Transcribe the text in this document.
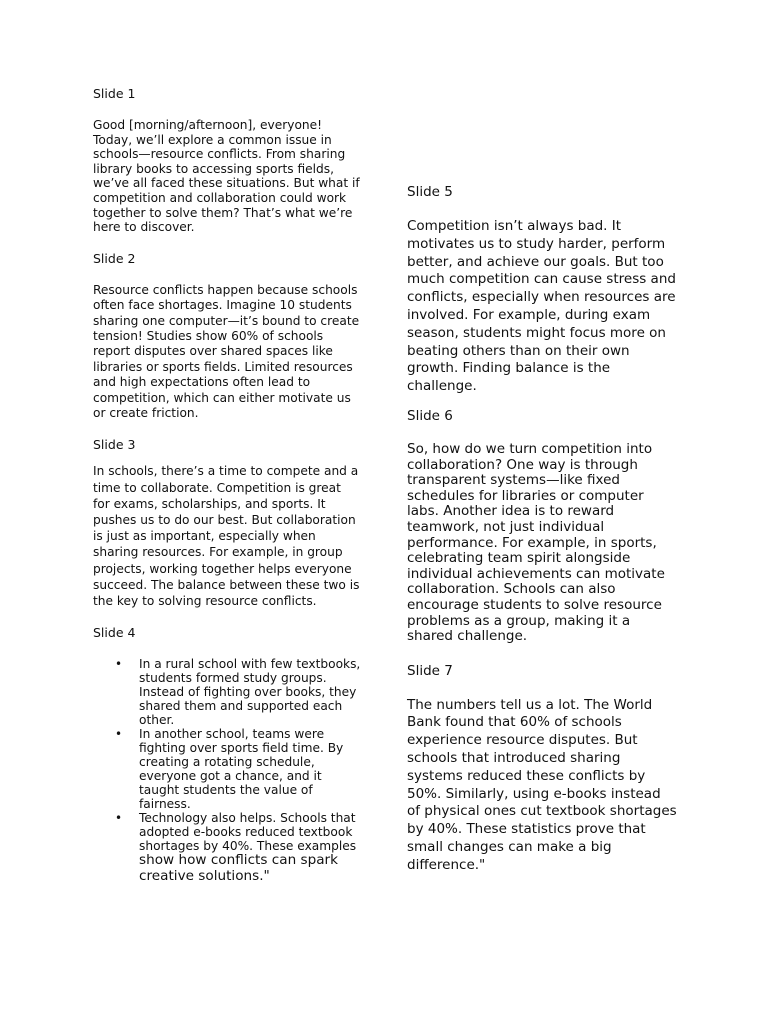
Slide 1

Good [morning/afternoon], everyone! Today, we’ll explore a common issue in schools—resource conflicts. From sharing library books to accessing sports fields, we’ve all faced these situations. But what if competition and collaboration could work together to solve them? That’s what we’re here to discover.

Slide 2

Resource conflicts happen because schools often face shortages. Imagine 10 students sharing one computer—it’s bound to create tension! Studies show 60% of schools report disputes over shared spaces like libraries or sports fields. Limited resources and high expectations often lead to competition, which can either motivate us or create friction.

Slide 3

In schools, there’s a time to compete and a time to collaborate. Competition is great for exams, scholarships, and sports. It pushes us to do our best. But collaboration is just as important, especially when sharing resources. For example, in group projects, working together helps everyone succeed. The balance between these two is the key to solving resource conflicts.

Slide 4

• In a rural school with few textbooks, students formed study groups. Instead of fighting over books, they shared them and supported each other.
• In another school, teams were fighting over sports field time. By creating a rotating schedule, everyone got a chance, and it taught students the value of fairness.
• Technology also helps. Schools that adopted e-books reduced textbook shortages by 40%. These examples show how conflicts can spark creative solutions."

Slide 5

Competition isn’t always bad. It motivates us to study harder, perform better, and achieve our goals. But too much competition can cause stress and conflicts, especially when resources are involved. For example, during exam season, students might focus more on beating others than on their own growth. Finding balance is the challenge.

Slide 6

So, how do we turn competition into collaboration? One way is through transparent systems—like fixed schedules for libraries or computer labs. Another idea is to reward teamwork, not just individual performance. For example, in sports, celebrating team spirit alongside individual achievements can motivate collaboration. Schools can also encourage students to solve resource problems as a group, making it a shared challenge.

Slide 7

The numbers tell us a lot. The World Bank found that 60% of schools experience resource disputes. But schools that introduced sharing systems reduced these conflicts by 50%. Similarly, using e-books instead of physical ones cut textbook shortages by 40%. These statistics prove that small changes can make a big difference."
